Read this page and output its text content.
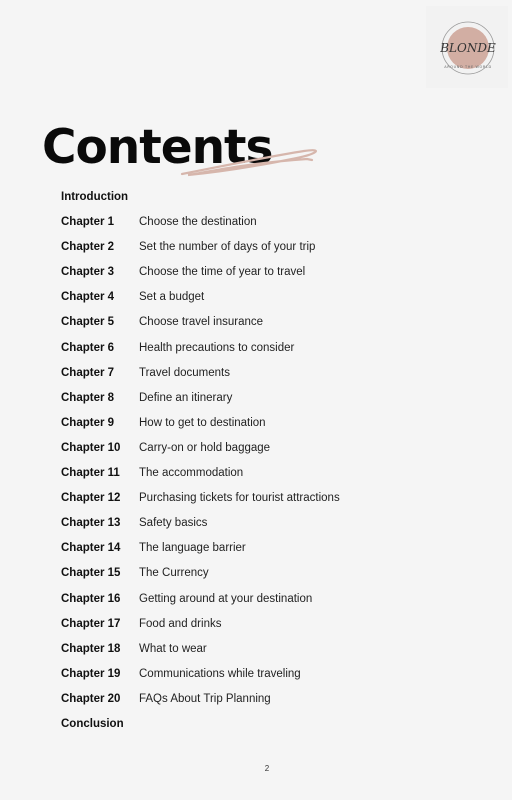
BLONDE
AROUND THE WORLD
Contents
Introduction
Chapter 1 Choose the destination
Chapter 2 Set the number of days of your trip
Chapter 3 Choose the time of year to travel
Chapter 4 Set a budget
Chapter 5 Choose travel insurance
Chapter 6 Health precautions to consider
Chapter 7 Travel documents
Chapter 8 Define an itinerary
Chapter 9 How to get to destination
Chapter 10 Carry-on or hold baggage
Chapter 11 The accommodation
Chapter 12 Purchasing tickets for tourist attractions
Chapter 13 Safety basics
Chapter 14 The language barrier
Chapter 15 The Currency
Chapter 16 Getting around at your destination
Chapter 17 Food and drinks
Chapter 18 What to wear
Chapter 19 Communications while traveling
Chapter 20 FAQs About Trip Planning
Conclusion
2
